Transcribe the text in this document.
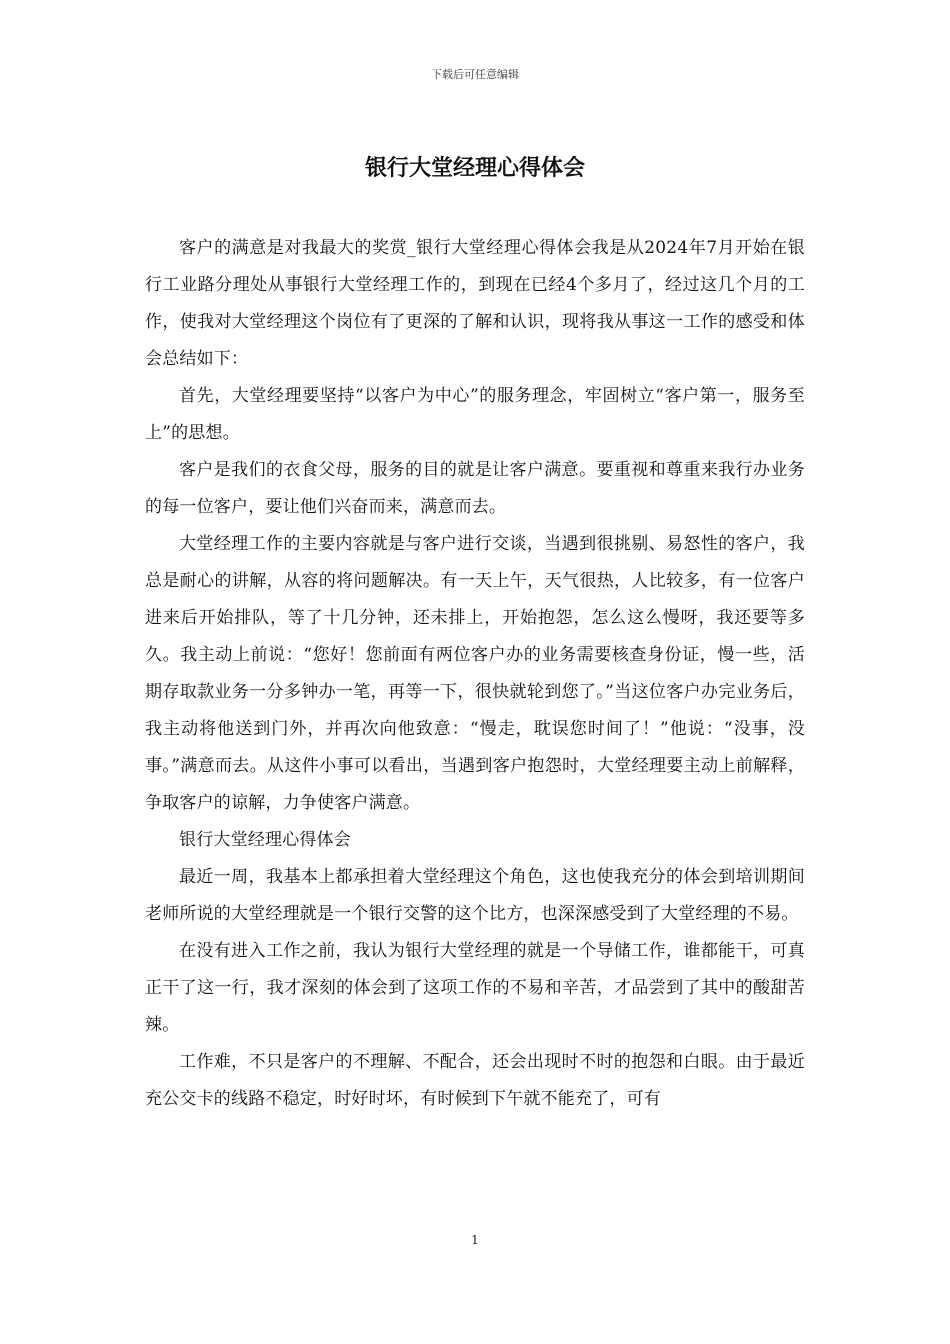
下载后可任意编辑
银行大堂经理心得体会

客户的满意是对我最大的奖赏_银行大堂经理心得体会我是从2024年7月开始在银行工业路分理处从事银行大堂经理工作的，到现在已经4个多月了，经过这几个月的工作，使我对大堂经理这个岗位有了更深的了解和认识，现将我从事这一工作的感受和体会总结如下：

首先，大堂经理要坚持“以客户为中心”的服务理念，牢固树立“客户第一，服务至上”的思想。

客户是我们的衣食父母，服务的目的就是让客户满意。要重视和尊重来我行办业务的每一位客户，要让他们兴奋而来，满意而去。

大堂经理工作的主要内容就是与客户进行交谈，当遇到很挑剔、易怒性的客户，我总是耐心的讲解，从容的将问题解决。有一天上午，天气很热，人比较多，有一位客户进来后开始排队，等了十几分钟，还未排上，开始抱怨，怎么这么慢呀，我还要等多久。我主动上前说：“您好！您前面有两位客户办的业务需要核查身份证，慢一些，活期存取款业务一分多钟办一笔，再等一下，很快就轮到您了。”当这位客户办完业务后，我主动将他送到门外，并再次向他致意：“慢走，耽误您时间了！”他说：“没事，没事。”满意而去。从这件小事可以看出，当遇到客户抱怨时，大堂经理要主动上前解释，争取客户的谅解，力争使客户满意。

银行大堂经理心得体会

最近一周，我基本上都承担着大堂经理这个角色，这也使我充分的体会到培训期间老师所说的大堂经理就是一个银行交警的这个比方，也深深感受到了大堂经理的不易。

在没有进入工作之前，我认为银行大堂经理的就是一个导储工作，谁都能干，可真正干了这一行，我才深刻的体会到了这项工作的不易和辛苦，才品尝到了其中的酸甜苦辣。

工作难，不只是客户的不理解、不配合，还会出现时不时的抱怨和白眼。由于最近充公交卡的线路不稳定，时好时坏，有时候到下午就不能充了，可有

1
